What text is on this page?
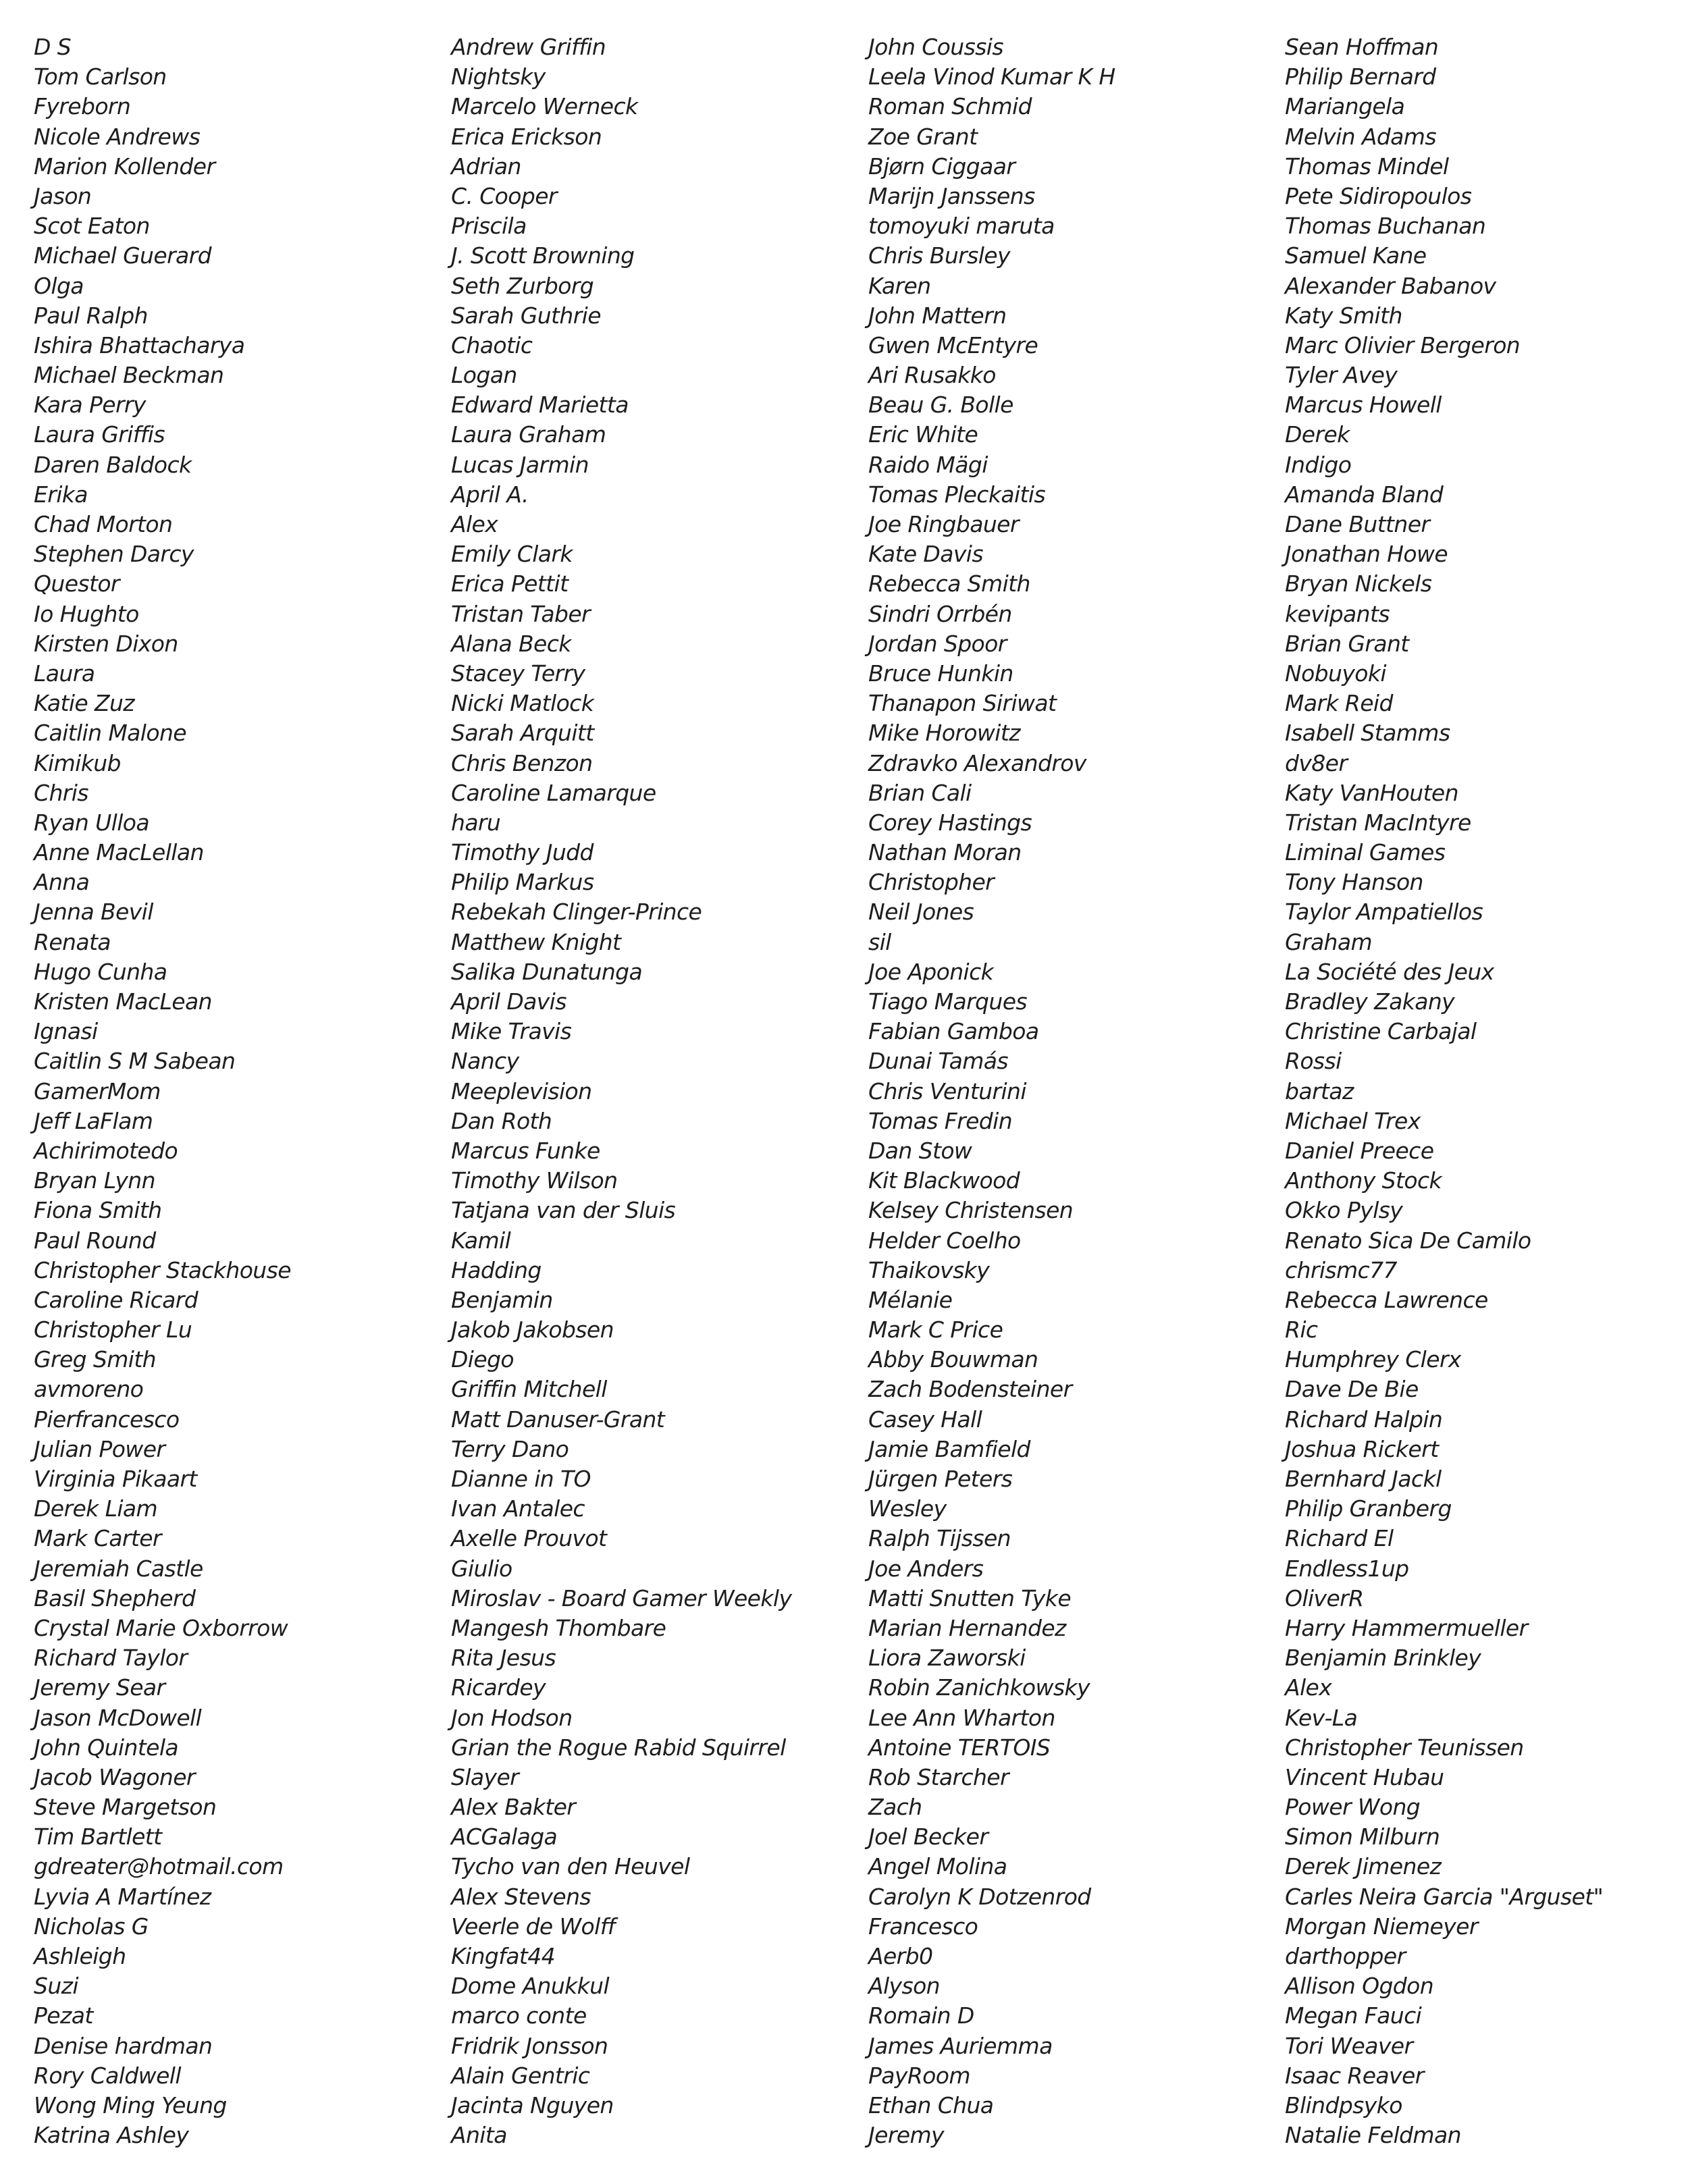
D S
Tom Carlson
Fyreborn
Nicole Andrews
Marion Kollender
Jason
Scot Eaton
Michael Guerard
Olga
Paul Ralph
Ishira Bhattacharya
Michael Beckman
Kara Perry
Laura Griffis
Daren Baldock
Erika
Chad Morton
Stephen Darcy
Questor
Io Hughto
Kirsten Dixon
Laura
Katie Zuz
Caitlin Malone
Kimikub
Chris
Ryan Ulloa
Anne MacLellan
Anna
Jenna Bevil
Renata
Hugo Cunha
Kristen MacLean
Ignasi
Caitlin S M Sabean
GamerMom
Jeff LaFlam
Achirimotedo
Bryan Lynn
Fiona Smith
Paul Round
Christopher Stackhouse
Caroline Ricard
Christopher Lu
Greg Smith
avmoreno
Pierfrancesco
Julian Power
Virginia Pikaart
Derek Liam
Mark Carter
Jeremiah Castle
Basil Shepherd
Crystal Marie Oxborrow
Richard Taylor
Jeremy Sear
Jason McDowell
John Quintela
Jacob Wagoner
Steve Margetson
Tim Bartlett
gdreater@hotmail.com
Lyvia A Martínez
Nicholas G
Ashleigh
Suzi
Pezat
Denise hardman
Rory Caldwell
Wong Ming Yeung
Katrina Ashley
Andrew Griffin
Nightsky
Marcelo Werneck
Erica Erickson
Adrian
C. Cooper
Priscila
J. Scott Browning
Seth Zurborg
Sarah Guthrie
Chaotic
Logan
Edward Marietta
Laura Graham
Lucas Jarmin
April A.
Alex
Emily Clark
Erica Pettit
Tristan Taber
Alana Beck
Stacey Terry
Nicki Matlock
Sarah Arquitt
Chris Benzon
Caroline Lamarque
haru
Timothy Judd
Philip Markus
Rebekah Clinger-Prince
Matthew Knight
Salika Dunatunga
April Davis
Mike Travis
Nancy
Meeplevision
Dan Roth
Marcus Funke
Timothy Wilson
Tatjana van der Sluis
Kamil
Hadding
Benjamin
Jakob Jakobsen
Diego
Griffin Mitchell
Matt Danuser-Grant
Terry Dano
Dianne in TO
Ivan Antalec
Axelle Prouvot
Giulio
Miroslav - Board Gamer Weekly
Mangesh Thombare
Rita Jesus
Ricardey
Jon Hodson
Grian the Rogue Rabid Squirrel
Slayer
Alex Bakter
ACGalaga
Tycho van den Heuvel
Alex Stevens
Veerle de Wolff
Kingfat44
Dome Anukkul
marco conte
Fridrik Jonsson
Alain Gentric
Jacinta Nguyen
Anita
John Coussis
Leela Vinod Kumar K H
Roman Schmid
Zoe Grant
Bjørn Ciggaar
Marijn Janssens
tomoyuki maruta
Chris Bursley
Karen
John Mattern
Gwen McEntyre
Ari Rusakko
Beau G. Bolle
Eric White
Raido Mägi
Tomas Pleckaitis
Joe Ringbauer
Kate Davis
Rebecca Smith
Sindri Orrbén
Jordan Spoor
Bruce Hunkin
Thanapon Siriwat
Mike Horowitz
Zdravko Alexandrov
Brian Cali
Corey Hastings
Nathan Moran
Christopher
Neil Jones
sil
Joe Aponick
Tiago Marques
Fabian Gamboa
Dunai Tamás
Chris Venturini
Tomas Fredin
Dan Stow
Kit Blackwood
Kelsey Christensen
Helder Coelho
Thaikovsky
Mélanie
Mark C Price
Abby Bouwman
Zach Bodensteiner
Casey Hall
Jamie Bamfield
Jürgen Peters
Wesley
Ralph Tijssen
Joe Anders
Matti Snutten Tyke
Marian Hernandez
Liora Zaworski
Robin Zanichkowsky
Lee Ann Wharton
Antoine TERTOIS
Rob Starcher
Zach
Joel Becker
Angel Molina
Carolyn K Dotzenrod
Francesco
Aerb0
Alyson
Romain D
James Auriemma
PayRoom
Ethan Chua
Jeremy
Sean Hoffman
Philip Bernard
Mariangela
Melvin Adams
Thomas Mindel
Pete Sidiropoulos
Thomas Buchanan
Samuel Kane
Alexander Babanov
Katy Smith
Marc Olivier Bergeron
Tyler Avey
Marcus Howell
Derek
Indigo
Amanda Bland
Dane Buttner
Jonathan Howe
Bryan Nickels
kevipants
Brian Grant
Nobuyoki
Mark Reid
Isabell Stamms
dv8er
Katy VanHouten
Tristan MacIntyre
Liminal Games
Tony Hanson
Taylor Ampatiellos
Graham
La Société des Jeux
Bradley Zakany
Christine Carbajal
Rossi
bartaz
Michael Trex
Daniel Preece
Anthony Stock
Okko Pylsy
Renato Sica De Camilo
chrismc77
Rebecca Lawrence
Ric
Humphrey Clerx
Dave De Bie
Richard Halpin
Joshua Rickert
Bernhard Jackl
Philip Granberg
Richard El
Endless1up
OliverR
Harry Hammermueller
Benjamin Brinkley
Alex
Kev-La
Christopher Teunissen
Vincent Hubau
Power Wong
Simon Milburn
Derek Jimenez
Carles Neira Garcia "Arguset"
Morgan Niemeyer
darthopper
Allison Ogdon
Megan Fauci
Tori Weaver
Isaac Reaver
Blindpsyko
Natalie Feldman
